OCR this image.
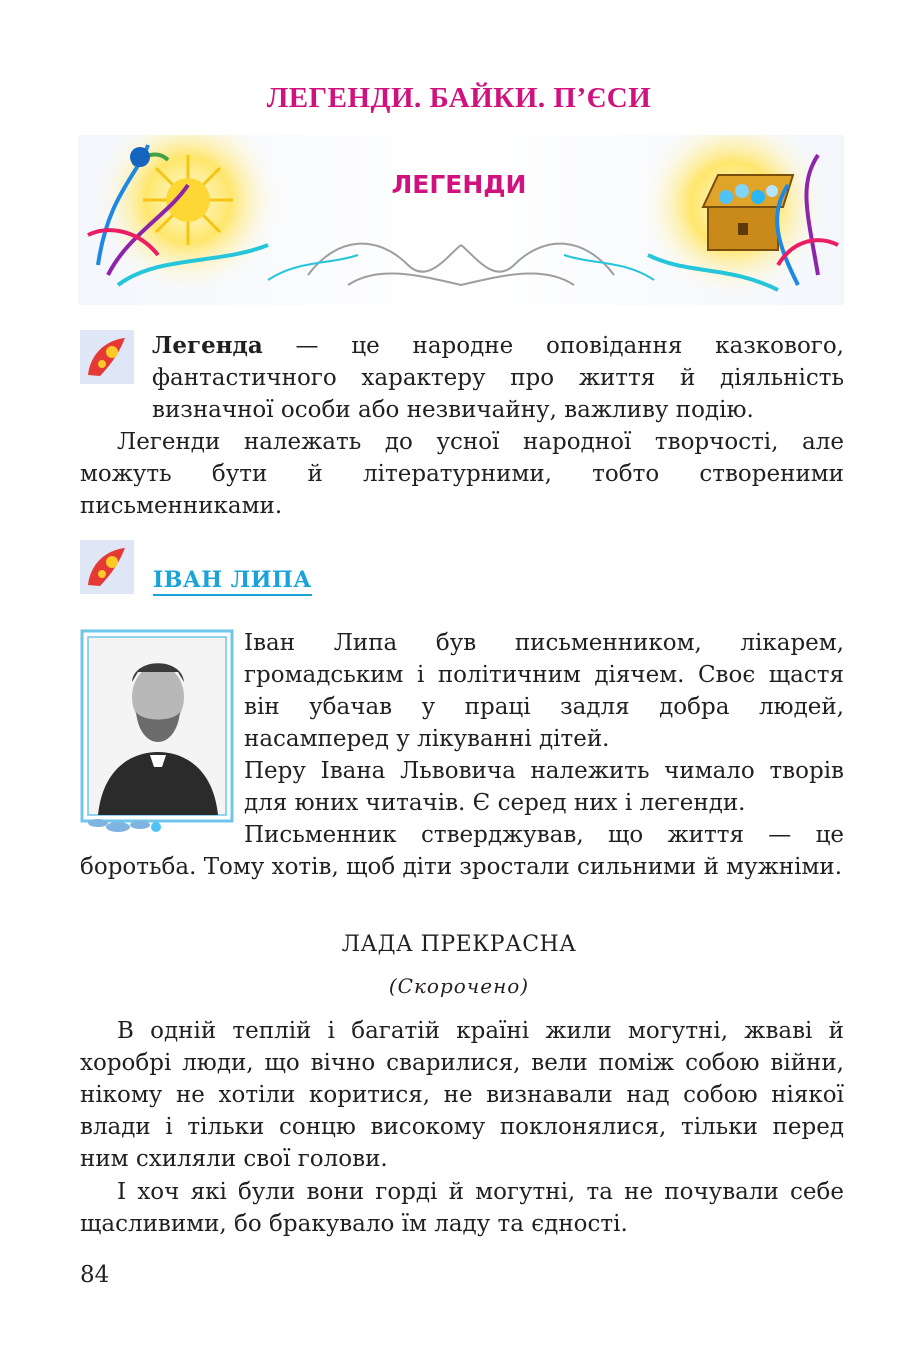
ЛЕГЕНДИ. БАЙКИ. П’ЄСИ
ЛЕГЕНДИ
Легенда — це народне оповідання казкового, фантастичного характеру про життя й діяльність визначної особи або незвичайну, важливу подію.
Легенди належать до усної народної творчості, але можуть бути й літературними, тобто створеними письменниками.
ІВАН ЛИПА
Іван Липа був письменником, лікарем, громадським і політичним діячем. Своє щастя він убачав у праці задля добра людей, насамперед у лікуванні дітей.
Перу Івана Львовича належить чимало творів для юних читачів. Є серед них і легенди.
Письменник стверджував, що життя — це
боротьба. Тому хотів, щоб діти зростали сильними й мужніми.
ЛАДА ПРЕКРАСНА
(Скорочено)
В одній теплій і багатій країні жили могутні, жваві й хоробрі люди, що вічно сварилися, вели поміж собою війни, нікому не хотіли коритися, не визнавали над собою ніякої влади і тільки сонцю високому поклонялися, тільки перед ним схиляли свої голови.
І хоч які були вони горді й могутні, та не почували себе щасливими, бо бракувало їм ладу та єдності.
84
